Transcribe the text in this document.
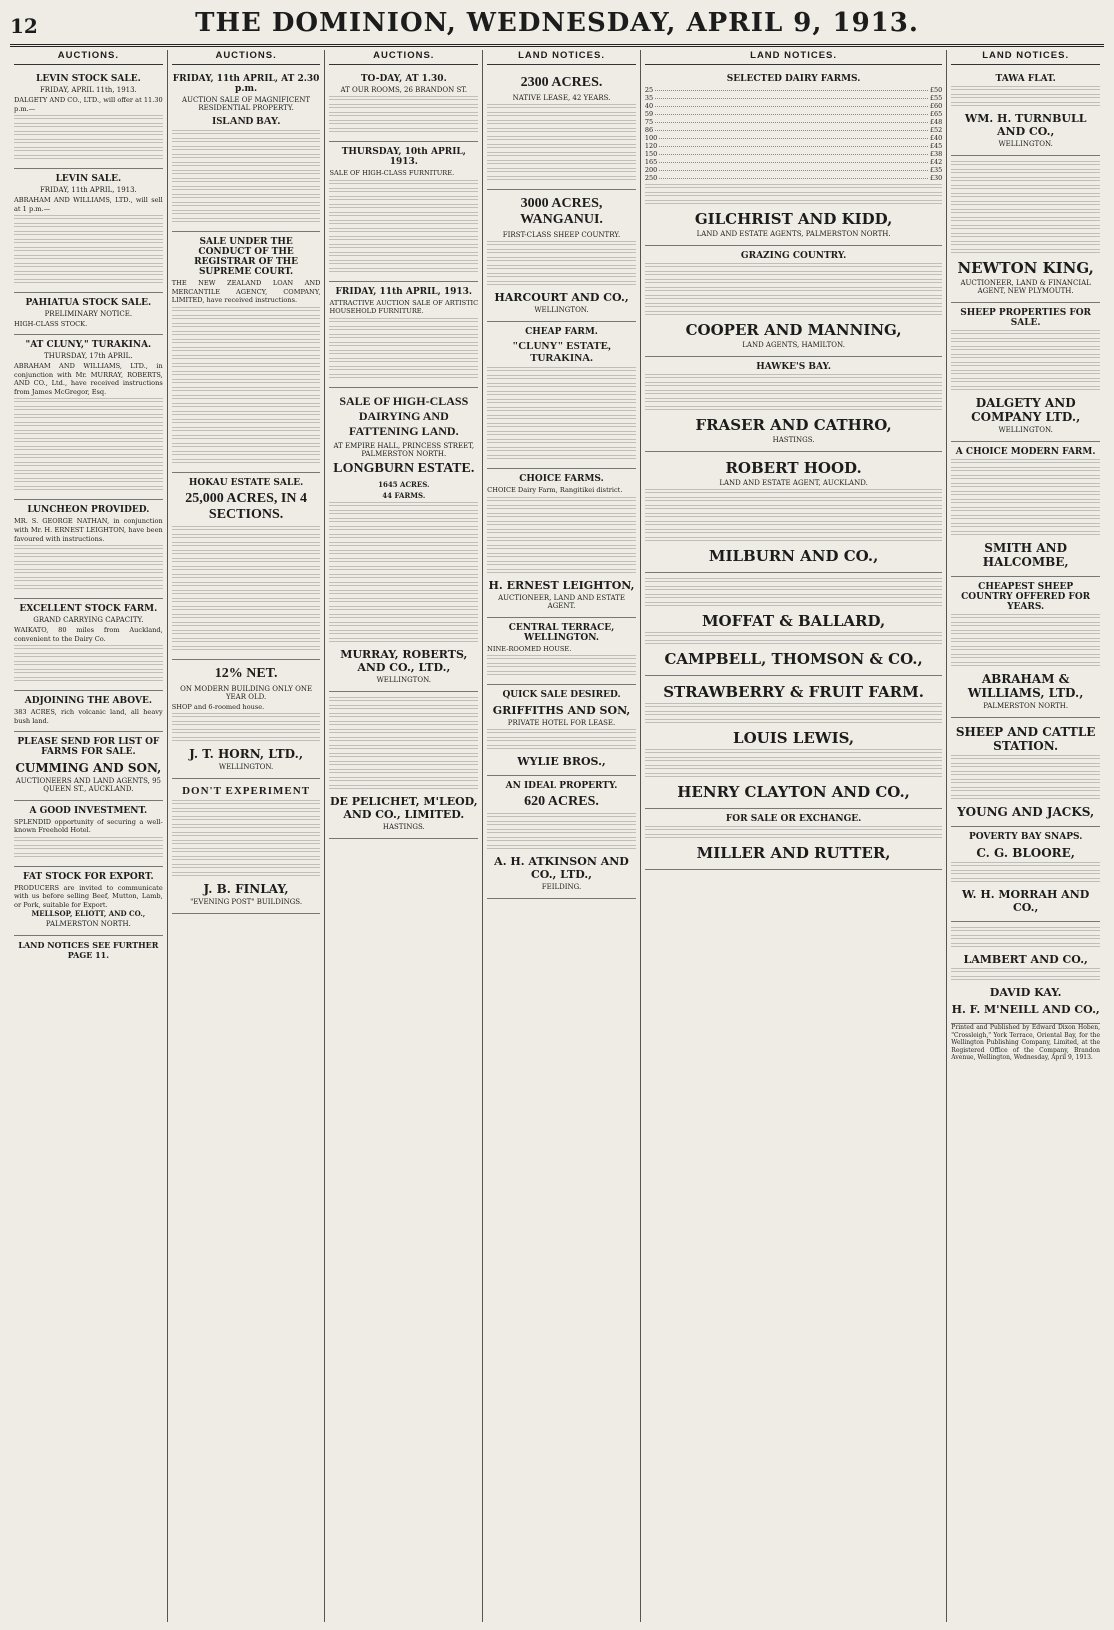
12	THE DOMINION, WEDNESDAY, APRIL 9, 1913.
AUCTIONS.
LEVIN STOCK SALE.
FRIDAY, APRIL 11th, 1913.

DALGETY AND CO., LTD., will offer at 11.30 p.m.—

LEVIN SALE.
FRIDAY, 11th APRIL, 1913.

ABRAHAM AND WILLIAMS, LTD., will sell at 1 p.m.—

PAHIATUA STOCK SALE.
PRELIMINARY NOTICE.

HIGH-CLASS STOCK.

"AT CLUNY," TURAKINA.
THURSDAY, 17th APRIL.

ABRAHAM AND WILLIAMS, LTD., in conjunction with Mr. MURRAY, ROBERTS, AND CO., Ltd., have received instructions from James McGregor, Esq.

LUNCHEON PROVIDED.

MR. S. GEORGE NATHAN, in conjunction with Mr. H. ERNEST LEIGHTON, have been favoured with instructions.

EXCELLENT STOCK FARM.
GRAND CARRYING CAPACITY.

WAIKATO, 80 miles from Auckland, convenient to the Dairy Co.

ADJOINING THE ABOVE.

383 ACRES, rich volcanic land, all heavy bush land.

PLEASE SEND FOR LIST OF FARMS FOR SALE.
CUMMING AND SON,

AUCTIONEERS AND LAND AGENTS, 95 QUEEN ST., AUCKLAND.

A GOOD INVESTMENT.

SPLENDID opportunity of securing a well-known Freehold Hotel.

FAT STOCK FOR EXPORT.

PRODUCERS are invited to communicate with us before selling Beef, Mutton, Lamb, or Pork, suitable for Export.

MELLSOP, ELIOTT, AND CO.,
PALMERSTON NORTH.
LAND NOTICES SEE FURTHER PAGE 11.
AUCTIONS.
FRIDAY, 11th APRIL, AT 2.30 p.m.
AUCTION SALE OF MAGNIFICENT RESIDENTIAL PROPERTY.
ISLAND BAY.
SALE UNDER THE CONDUCT OF THE REGISTRAR OF THE SUPREME COURT.

THE NEW ZEALAND LOAN AND MERCANTILE AGENCY, COMPANY, LIMITED, have received instructions.

HOKAU ESTATE SALE.
25,000 ACRES, IN 4 SECTIONS.
12% NET.
ON MODERN BUILDING ONLY ONE YEAR OLD.

SHOP and 6-roomed house.

J. T. HORN, LTD.,
WELLINGTON.
DON'T EXPERIMENT
J. B. FINLAY,
"EVENING POST" BUILDINGS.
AUCTIONS.
TO-DAY, AT 1.30.
AT OUR ROOMS, 26 BRANDON ST.
THURSDAY, 10th APRIL, 1913.

SALE OF HIGH-CLASS FURNITURE.

FRIDAY, 11th APRIL, 1913.

ATTRACTIVE AUCTION SALE OF ARTISTIC HOUSEHOLD FURNITURE.

SALE OF HIGH-CLASS DAIRYING AND FATTENING LAND.

AT EMPIRE HALL, PRINCESS STREET, PALMERSTON NORTH.

LONGBURN ESTATE.
1645 ACRES.
44 FARMS.
MURRAY, ROBERTS, AND CO., LTD.,
WELLINGTON.
DE PELICHET, M'LEOD, AND CO., LIMITED.
HASTINGS.
LAND NOTICES.
2300 ACRES.
NATIVE LEASE, 42 YEARS.
3000 ACRES, WANGANUI.
FIRST-CLASS SHEEP COUNTRY.
HARCOURT AND CO.,
WELLINGTON.
CHEAP FARM.
"CLUNY" ESTATE, TURAKINA.
CHOICE FARMS.

CHOICE Dairy Farm, Rangitikei district.

H. ERNEST LEIGHTON,
AUCTIONEER, LAND AND ESTATE AGENT.
CENTRAL TERRACE, WELLINGTON.

NINE-ROOMED HOUSE.

QUICK SALE DESIRED.
GRIFFITHS AND SON,
PRIVATE HOTEL FOR LEASE.
WYLIE BROS.,
AN IDEAL PROPERTY.
620 ACRES.
A. H. ATKINSON AND CO., LTD.,
FEILDING.
LAND NOTICES.
SELECTED DAIRY FARMS.
25	£50
35	£55
40	£60
59	£65
75	£48
86	£52
100	£40
120	£45
150	£38
165	£42
200	£35
250	£30
GILCHRIST AND KIDD,
LAND AND ESTATE AGENTS, PALMERSTON NORTH.
GRAZING COUNTRY.
COOPER AND MANNING,
LAND AGENTS, HAMILTON.
HAWKE'S BAY.
FRASER AND CATHRO,
HASTINGS.
ROBERT HOOD.
LAND AND ESTATE AGENT, AUCKLAND.
MILBURN AND CO.,
MOFFAT & BALLARD,
CAMPBELL, THOMSON & CO.,
STRAWBERRY & FRUIT FARM.
LOUIS LEWIS,
HENRY CLAYTON AND CO.,
FOR SALE OR EXCHANGE.
MILLER AND RUTTER,
LAND NOTICES.
TAWA FLAT.
WM. H. TURNBULL AND CO.,
WELLINGTON.
NEWTON KING,
AUCTIONEER, LAND & FINANCIAL AGENT, NEW PLYMOUTH.
SHEEP PROPERTIES FOR SALE.
DALGETY AND COMPANY LTD.,
WELLINGTON.
A CHOICE MODERN FARM.
SMITH AND HALCOMBE,
CHEAPEST SHEEP COUNTRY OFFERED FOR YEARS.
ABRAHAM & WILLIAMS, LTD.,
PALMERSTON NORTH.
SHEEP AND CATTLE STATION.
YOUNG AND JACKS,
POVERTY BAY SNAPS.
C. G. BLOORE,
W. H. MORRAH AND CO.,
LAMBERT AND CO.,
DAVID KAY.
H. F. M'NEILL AND CO.,

Printed and Published by Edward Dixon Hoben, "Crossleigh," York Terrace, Oriental Bay, for the Wellington Publishing Company, Limited, at the Registered Office of the Company, Brandon Avenue, Wellington, Wednesday, April 9, 1913.
